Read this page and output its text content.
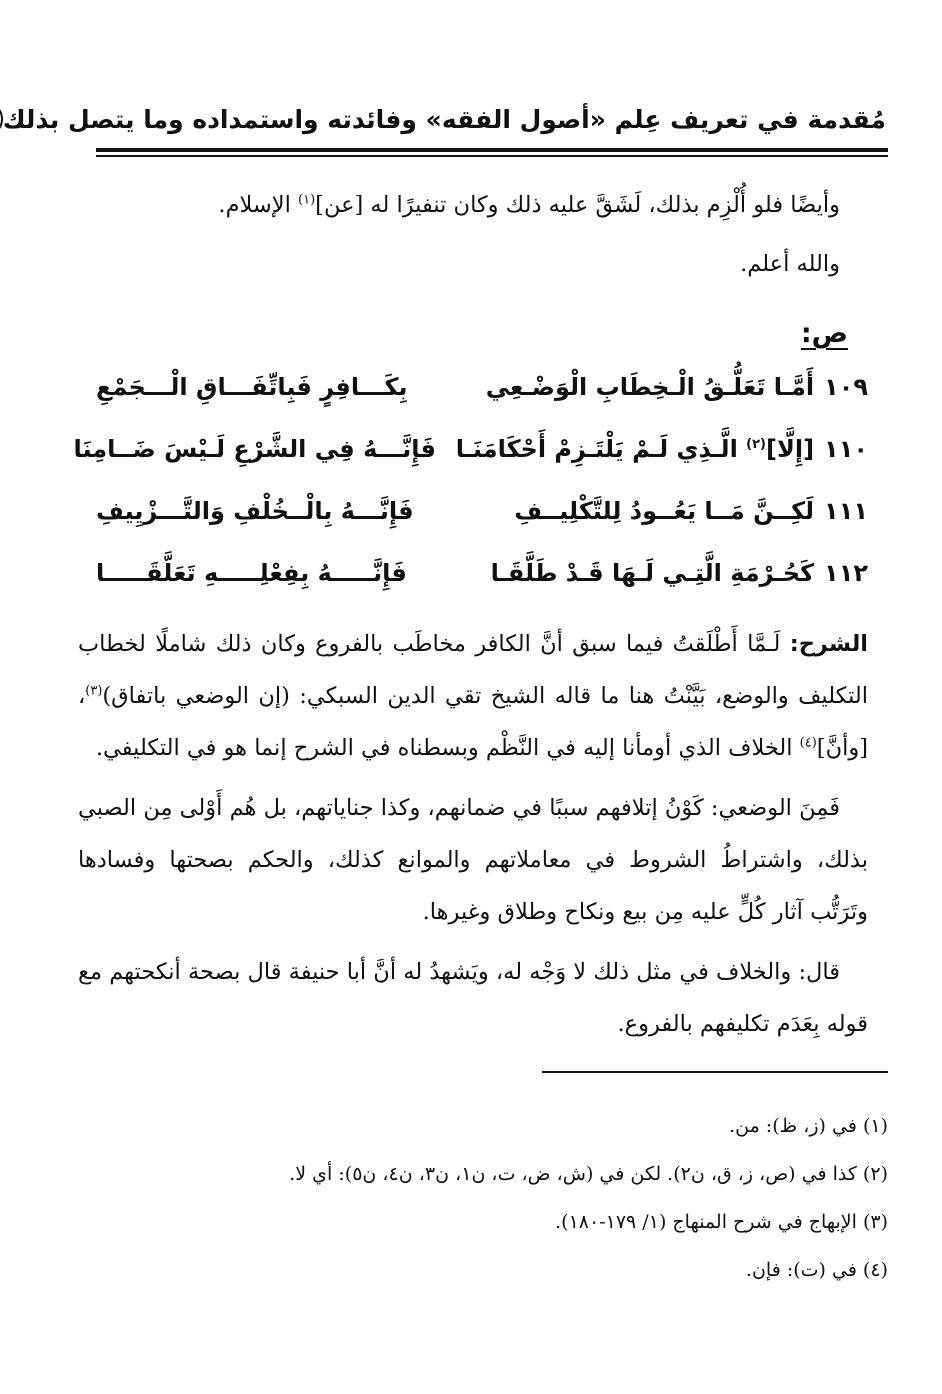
مُقدمة في تعريف عِلم «أصول الفقه» وفائدته واستمداده وما يتصل بذلك

وأيضًا فلو أُلْزِم بذلك، لَشَقَّ عليه ذلك وكان تنفيرًا له [عن]$^{(١)}$ الإسلام.

والله أعلم.

ص:
١٠٩أَمَّـا تَعَلُّـقُ الْـخِطَابِ الْوَضْـعِي
بِكَـــافِرٍ فَبِاتِّفَـــاقِ الْـــجَمْعِ
١١٠[إِلَّا]$^{(٢)}$ الَّـذِي لَـمْ يَلْتَـزِمْ أَحْكَامَنَـا
فَإِنَّـــهُ فِي الشَّرْعِ لَـيْسَ ضَــامِنَا
١١١لَكِــنَّ مَــا يَعُــودُ لِلتَّكْلِيــفِ
فَإِنَّـــهُ بِالْــخُلْفِ وَالتَّـــزْيِيفِ
١١٢كَحُـرْمَةِ الَّتِـي لَـهَا قَـدْ طَلَّقَـا
فَإِنَّـــــهُ بِفِعْلِـــــهِ تَعَلَّقَـــــا

الشرح: لَـمَّا أَطْلَقتُ فيما سبق أنَّ الكافر مخاطَب بالفروع وكان ذلك شاملًا لخطاب التكليف والوضع، بَيَّنْتُ هنا ما قاله الشيخ تقي الدين السبكي: (إن الوضعي باتفاق)$^{(٣)}$، [وأنَّ]$^{(٤)}$ الخلاف الذي أومأنا إليه في النَّظْم وبسطناه في الشرح إنما هو في التكليفي.

فَمِنَ الوضعي: كَوْنُ إتلافهم سببًا في ضمانهم، وكذا جناياتهم، بل هُم أَوْلى مِن الصبي بذلك، واشتراطُ الشروط في معاملاتهم والموانع كذلك، والحكم بصحتها وفسادها وتَرَتُّب آثار كُلٍّ عليه مِن بيع ونكاح وطلاق وغيرها.

قال: والخلاف في مثل ذلك لا وَجْه له، ويَشهدُ له أنَّ أبا حنيفة قال بصحة أنكحتهم مع قوله بِعَدَم تكليفهم بالفروع.

(١) في (ز، ظ): من.

(٢) كذا في (ص، ز، ق، ن٢). لكن في (ش، ض، ت، ن١، ن٣، ن٤، ن٥): أي لا.

(٣) الإبهاج في شرح المنهاج (١/ ١٧٩-١٨٠).

(٤) في (ت): فإن.
